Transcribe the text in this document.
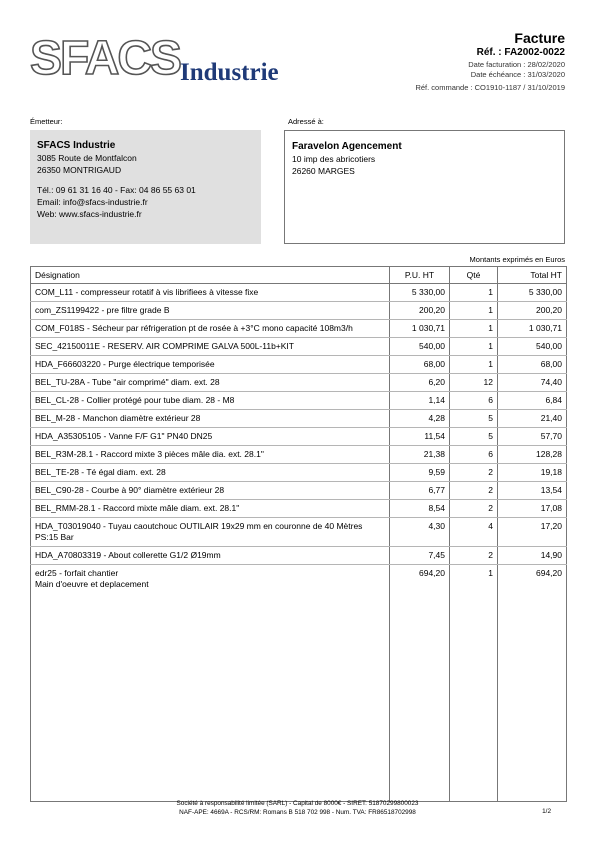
SFACS Industrie
Facture
Réf. : FA2002-0022
Date facturation : 28/02/2020
Date échéance : 31/03/2020
Réf. commande : CO1910-1187 / 31/10/2019
Émetteur:	Adressé à:
SFACS Industrie
3085 Route de Montfalcon
26350 MONTRIGAUD
Tél.: 09 61 31 16 40 - Fax: 04 86 55 63 01
Email: info@sfacs-industrie.fr
Web: www.sfacs-industrie.fr
Faravelon Agencement
10 imp des abricotiers
26260 MARGES
Montants exprimés en Euros
Désignation	P.U. HT	Qté	Total HT
COM_L11 - compresseur rotatif à vis librifiees à vitesse fixe	5 330,00	1	5 330,00
com_ZS1199422 - pre filtre grade B	200,20	1	200,20
COM_F018S - Sécheur par réfrigeration pt de rosée à +3°C mono capacité 108m3/h	1 030,71	1	1 030,71
SEC_42150011E - RESERV. AIR COMPRIME GALVA 500L-11b+KIT	540,00	1	540,00
HDA_F66603220 - Purge électrique temporisée	68,00	1	68,00
BEL_TU-28A - Tube "air comprimé" diam. ext. 28	6,20	12	74,40
BEL_CL-28 - Collier protégé pour tube diam. 28 - M8	1,14	6	6,84
BEL_M-28 - Manchon diamètre extérieur 28	4,28	5	21,40
HDA_A35305105 - Vanne F/F G1" PN40 DN25	11,54	5	57,70
BEL_R3M-28.1 - Raccord mixte 3 pièces mâle dia. ext. 28.1"	21,38	6	128,28
BEL_TE-28 - Té égal diam. ext. 28	9,59	2	19,18
BEL_C90-28 - Courbe à 90° diamètre extérieur 28	6,77	2	13,54
BEL_RMM-28.1 - Raccord mixte mâle diam. ext. 28.1"	8,54	2	17,08
HDA_T03019040 - Tuyau caoutchouc OUTILAIR 19x29 mm en couronne de 40 Mètres PS:15 Bar	4,30	4	17,20
HDA_A70803319 - About collerette G1/2 Ø19mm	7,45	2	14,90

edr25 - forfait chantier
Main d'oeuvre et deplacement	694,20	1	694,20
Société à responsabilité limitée (SARL) - Capital de 8000€ - SIRET: 51870299800023
NAF-APE: 4669A - RCS/RM: Romans B 518 702 998 - Num. TVA: FR86518702998	1/2
